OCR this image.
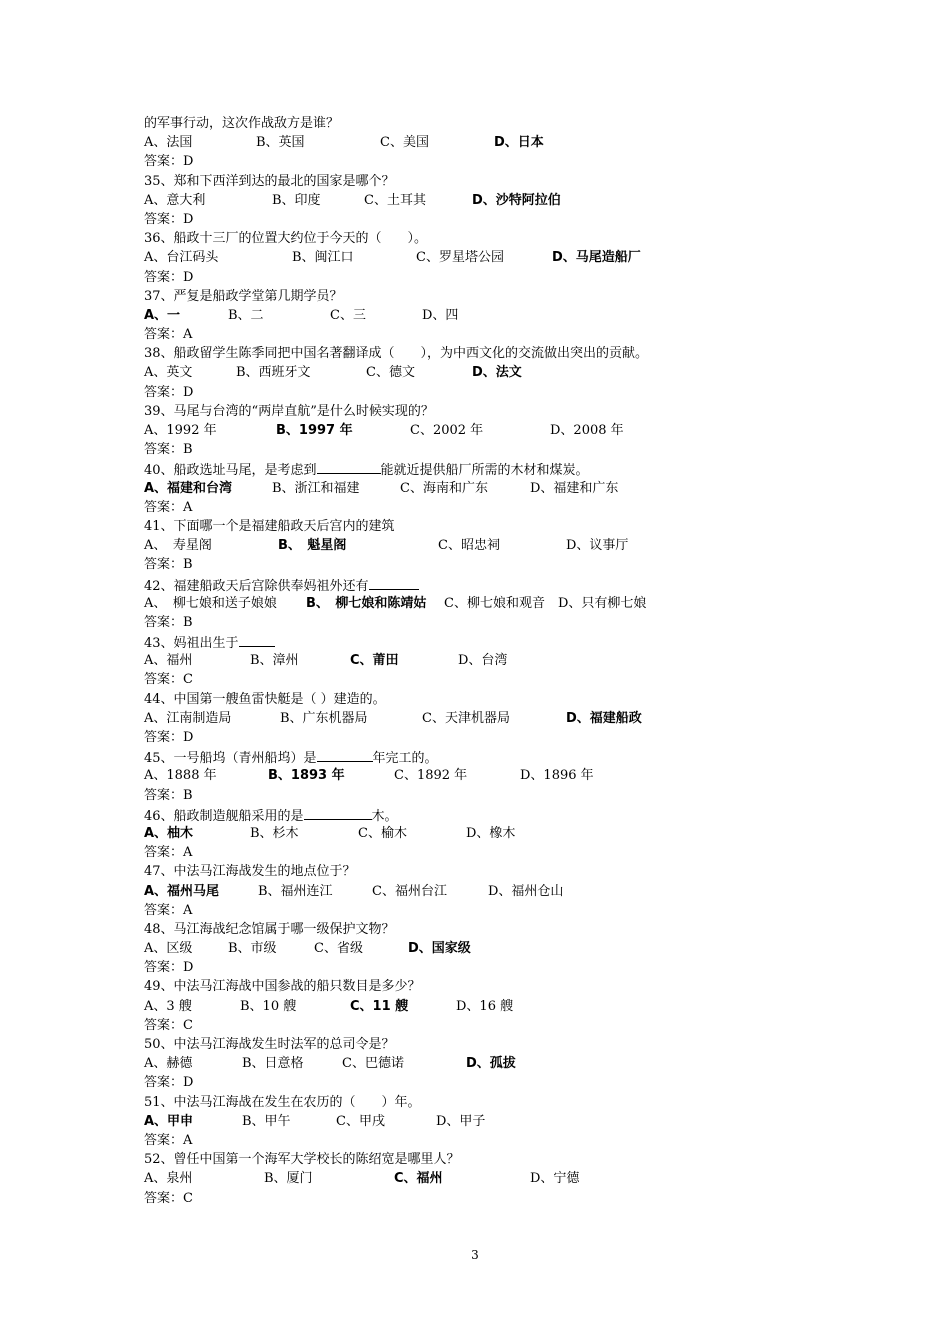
的军事行动，这次作战敌方是谁？
A、法国	B、英国	C、美国	D、日本
答案：D
35、郑和下西洋到达的最北的国家是哪个？
A、意大利	B、印度	C、土耳其	D、沙特阿拉伯
答案：D
36、船政十三厂的位置大约位于今天的（　　）。
A、台江码头	B、闽江口	C、罗星塔公园	D、马尾造船厂
答案：D
37、严复是船政学堂第几期学员？
A、一	B、二	C、三	D、四
答案：A
38、船政留学生陈季同把中国名著翻译成（　　），为中西文化的交流做出突出的贡献。
A、英文	B、西班牙文	C、德文	D、法文
答案：D
39、马尾与台湾的“两岸直航”是什么时候实现的？
A、1992 年	B、1997 年	C、2002 年	D、2008 年
答案：B
40、船政选址马尾，是考虑到	能就近提供船厂所需的木材和煤炭。
A、福建和台湾	B、浙江和福建	C、海南和广东	D、福建和广东
答案：A
41、下面哪一个是福建船政天后宫内的建筑
A、　寿星阁	B、　魁星阁	C、昭忠祠	D、议事厅
答案：B
42、福建船政天后宫除供奉妈祖外还有
A、　柳七娘和送子娘娘 B、　柳七娘和陈靖姑 C、柳七娘和观音 D、只有柳七娘
答案：B
43、妈祖出生于
A、福州	B、漳州	C、莆田	D、台湾
答案：C
44、中国第一艘鱼雷快艇是（ ）建造的。
A、江南制造局	B、广东机器局	C、天津机器局	D、福建船政
答案：D
45、一号船坞（青州船坞）是	年完工的。
A、1888 年	B、1893 年	C、1892 年	D、1896 年
答案：B
46、船政制造舰船采用的是	木。
A、柚木	B、杉木	C、榆木	D、橡木
答案：A
47、中法马江海战发生的地点位于？
A、福州马尾	B、福州连江	C、福州台江	D、福州仓山
答案：A
48、马江海战纪念馆属于哪一级保护文物？
A、区级	B、市级	C、省级	D、国家级
答案：D
49、中法马江海战中国参战的船只数目是多少？
A、3 艘	B、10 艘	C、11 艘	D、16 艘
答案：C
50、中法马江海战发生时法军的总司令是？
A、赫德	B、日意格	C、巴德诺	D、孤拔
答案：D
51、中法马江海战在发生在农历的（　　）年。
A、甲申	B、甲午	C、甲戌	D、甲子
答案：A
52、曾任中国第一个海军大学校长的陈绍宽是哪里人？
A、泉州	B、厦门	C、福州	D、宁德
答案：C
3
